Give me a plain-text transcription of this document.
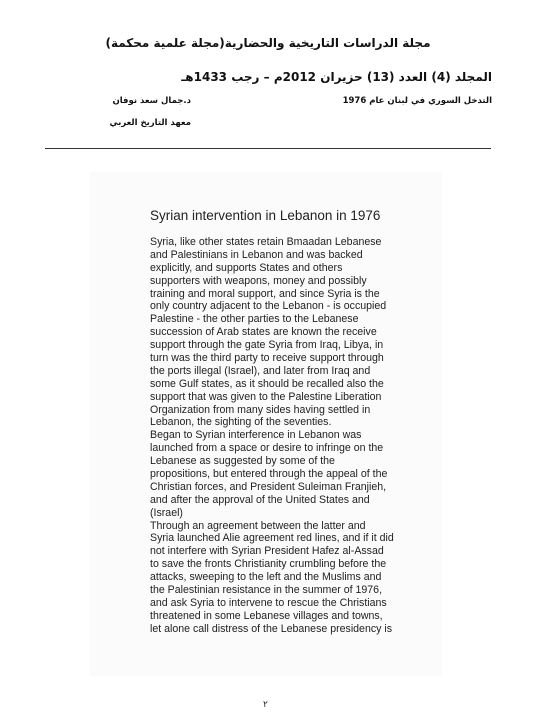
مجلة الدراسات التاريخية والحضارية(مجلة علمية محكمة)
المجلد (4) العدد (13) حزيران 2012م – رجب 1433هـ
التدخل السوري في لبنان عام 1976
د.جمال سعد نوفان
معهد التاريخ العربي
Syrian intervention in Lebanon in 1976
Syria, like other states retain Bmaadan Lebanese
and Palestinians in Lebanon and was backed
explicitly, and supports States and others
supporters with weapons, money and possibly
training and moral support, and since Syria is the
only country adjacent to the Lebanon - is occupied
Palestine - the other parties to the Lebanese
succession of Arab states are known the receive
support through the gate Syria from Iraq, Libya, in
turn was the third party to receive support through
the ports illegal (Israel), and later from Iraq and
some Gulf states, as it should be recalled also the
support that was given to the Palestine Liberation
Organization from many sides having settled in
Lebanon, the sighting of the seventies.
Began to Syrian interference in Lebanon was
launched from a space or desire to infringe on the
Lebanese as suggested by some of the
propositions, but entered through the appeal of the
Christian forces, and President Suleiman Franjieh,
and after the approval of the United States and
(Israel)
Through an agreement between the latter and
Syria launched Alie agreement red lines, and if it did
not interfere with Syrian President Hafez al-Assad
to save the fronts Christianity crumbling before the
attacks, sweeping to the left and the Muslims and
the Palestinian resistance in the summer of 1976,
and ask Syria to intervene to rescue the Christians
threatened in some Lebanese villages and towns,
let alone call distress of the Lebanese presidency is
٢
